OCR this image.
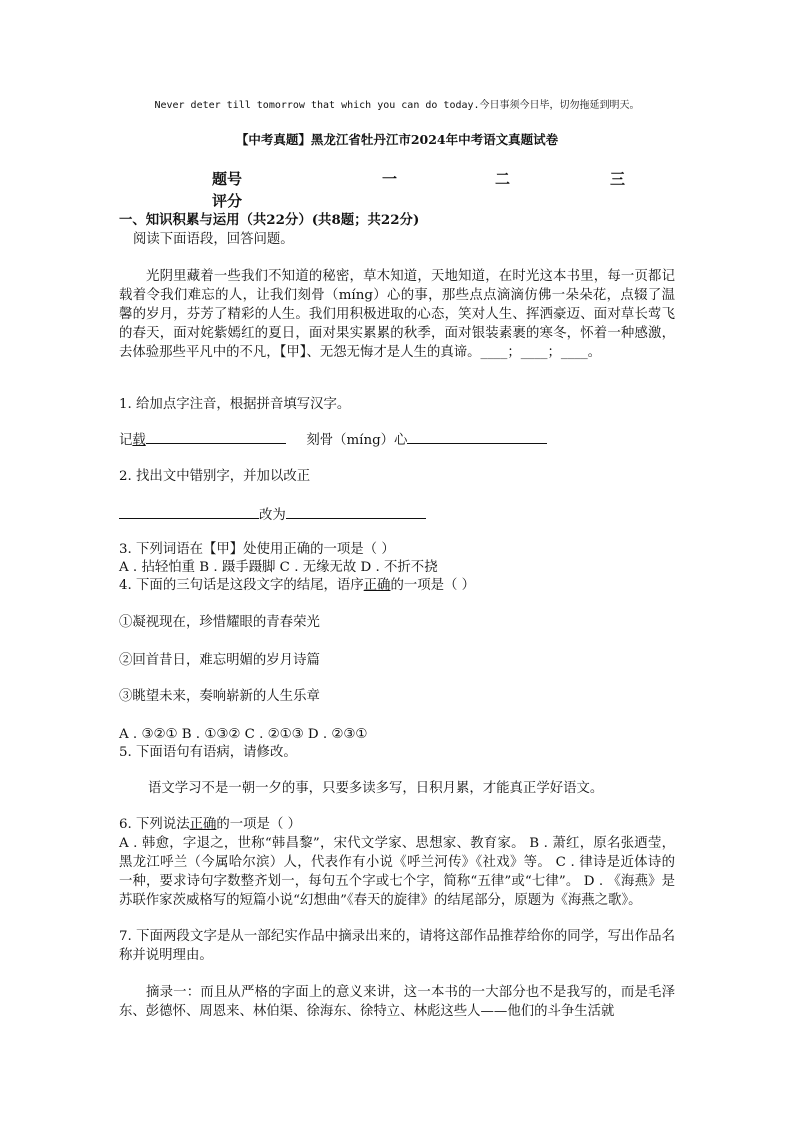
Never deter till tomorrow that which you can do today.今日事须今日毕，切勿拖延到明天。
【中考真题】黑龙江省牡丹江市2024年中考语文真题试卷
题号	一	二	三
评分
一、知识积累与运用（共22分）(共8题；共22分)
阅读下面语段，回答问题。
光阴里藏着一些我们不知道的秘密，草木知道，天地知道，在时光这本书里，每一页都记载着令我们难忘的人，让我们刻骨（míng）心的事，那些点点滴滴仿佛一朵朵花，点辍了温馨的岁月，芬芳了精彩的人生。我们用积极进取的心态，笑对人生、挥洒豪迈、面对草长莺飞的春天，面对姹紫嫣红的夏日，面对果实累累的秋季，面对银装素裹的寒冬，怀着一种感激，去体验那些平凡中的不凡，【甲】、无怨无悔才是人生的真谛。____；____；____。
1. 给加点字注音，根据拼音填写汉字。
记载	刻骨（míng）心
2. 找出文中错别字，并加以改正
改为
3. 下列词语在【甲】处使用正确的一项是（ ）
A . 拈轻怕重 B . 蹑手蹑脚 C . 无缘无故 D . 不折不挠
4. 下面的三句话是这段文字的结尾，语序正确的一项是（ ）
①凝视现在，珍惜耀眼的青春荣光
②回首昔日，难忘明媚的岁月诗篇
③眺望未来，奏响崭新的人生乐章
A . ③②① B . ①③② C . ②①③ D . ②③①
5. 下面语句有语病，请修改。
语文学习不是一朝一夕的事，只要多读多写，日积月累，才能真正学好语文。
6. 下列说法正确的一项是（ ）
A . 韩愈，字退之，世称“韩昌黎”，宋代文学家、思想家、教育家。 B . 萧红，原名张迺莹，黑龙江呼兰（今属哈尔滨）人，代表作有小说《呼兰河传》《社戏》等。 C . 律诗是近体诗的一种，要求诗句字数整齐划一，每句五个字或七个字，简称“五律”或“七律”。 D . 《海燕》是苏联作家茨威格写的短篇小说“幻想曲”《春天的旋律》的结尾部分，原题为《海燕之歌》。
7. 下面两段文字是从一部纪实作品中摘录出来的，请将这部作品推荐给你的同学，写出作品名称并说明理由。
摘录一：而且从严格的字面上的意义来讲，这一本书的一大部分也不是我写的，而是毛泽东、彭德怀、周恩来、林伯渠、徐海东、徐特立、林彪这些人——他们的斗争生活就
